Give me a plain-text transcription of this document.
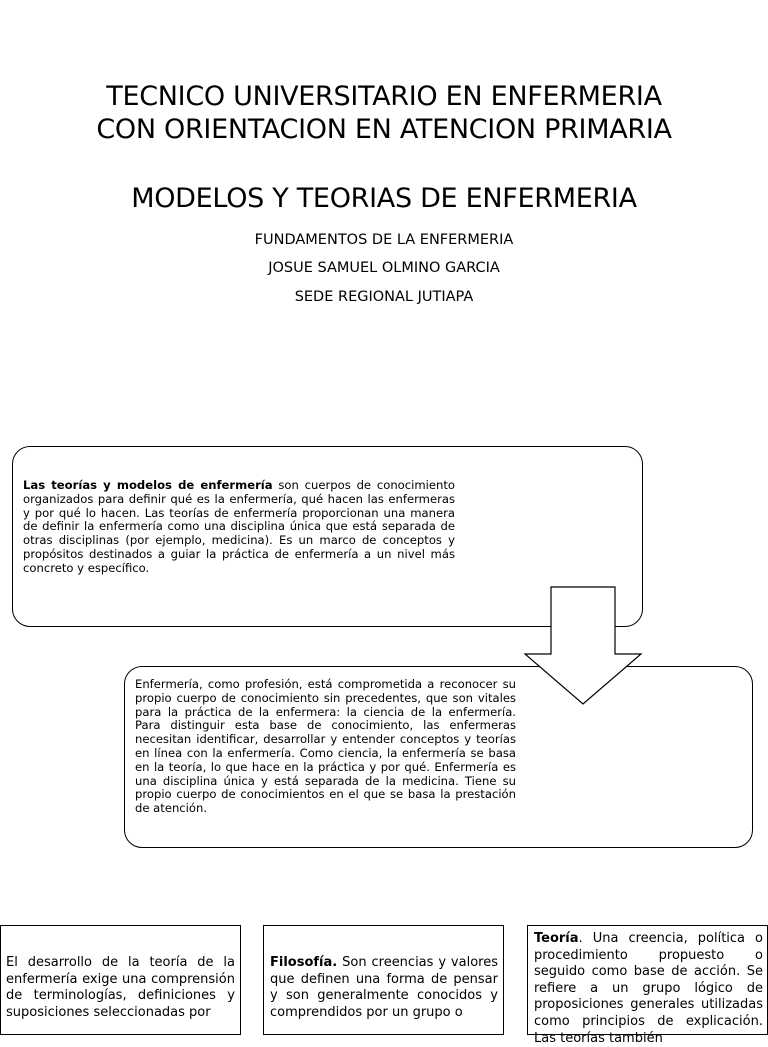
TECNICO UNIVERSITARIO EN ENFERMERIA
CON ORIENTACION EN ATENCION PRIMARIA
MODELOS Y TEORIAS DE ENFERMERIA

FUNDAMENTOS DE LA ENFERMERIA

JOSUE SAMUEL OLMINO GARCIA

SEDE REGIONAL JUTIAPA

Las teorías y modelos de enfermería son cuerpos de conocimiento organizados para definir qué es la enfermería, qué hacen las enfermeras y por qué lo hacen. Las teorías de enfermería proporcionan una manera de definir la enfermería como una disciplina única que está separada de otras disciplinas (por ejemplo, medicina). Es un marco de conceptos y propósitos destinados a guiar la práctica de enfermería a un nivel más concreto y específico.

Enfermería, como profesión, está comprometida a reconocer su propio cuerpo de conocimiento sin precedentes, que son vitales para la práctica de la enfermera: la ciencia de la enfermería. Para distinguir esta base de conocimiento, las enfermeras necesitan identificar, desarrollar y entender conceptos y teorías en línea con la enfermería. Como ciencia, la enfermería se basa en la teoría, lo que hace en la práctica y por qué. Enfermería es una disciplina única y está separada de la medicina. Tiene su propio cuerpo de conocimientos en el que se basa la prestación de atención.

El desarrollo de la teoría de la enfermería exige una comprensión de terminologías, definiciones y suposiciones seleccionadas por

Filosofía. Son creencias y valores que definen una forma de pensar y son generalmente conocidos y comprendidos por un grupo o

Teoría. Una creencia, política o procedimiento propuesto o seguido como base de acción. Se refiere a un grupo lógico de proposiciones generales utilizadas como principios de explicación. Las teorías también
